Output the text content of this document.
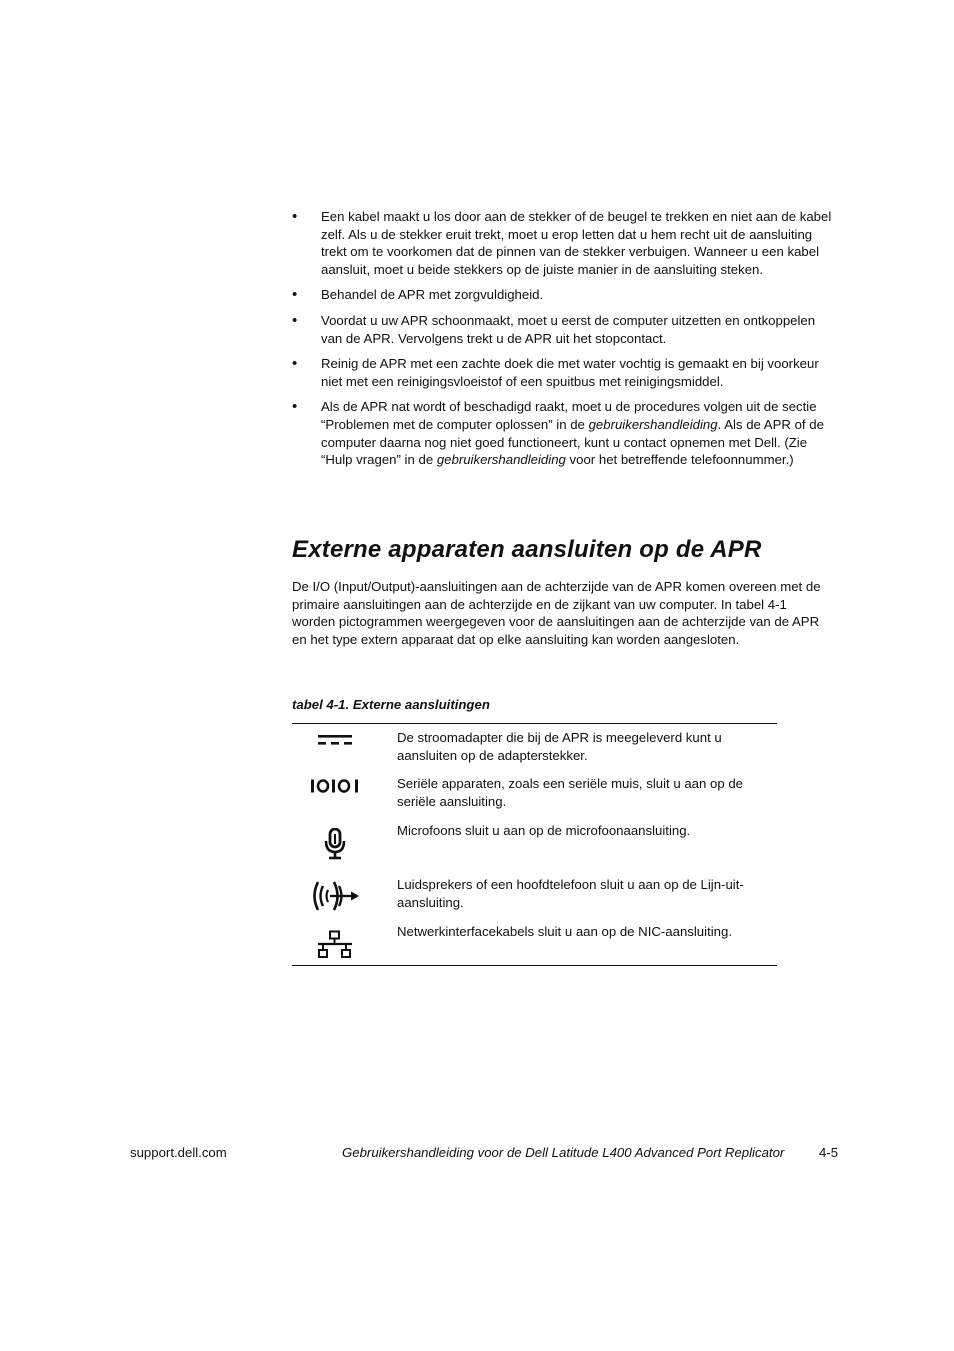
• Een kabel maakt u los door aan de stekker of de beugel te trekken en niet aan de kabel zelf. Als u de stekker eruit trekt, moet u erop letten dat u hem recht uit de aansluiting trekt om te voorkomen dat de pinnen van de stekker verbuigen. Wanneer u een kabel aansluit, moet u beide stekkers op de juiste manier in de aansluiting steken.
• Behandel de APR met zorgvuldigheid.
• Voordat u uw APR schoonmaakt, moet u eerst de computer uitzetten en ontkoppelen van de APR. Vervolgens trekt u de APR uit het stopcontact.
• Reinig de APR met een zachte doek die met water vochtig is gemaakt en bij voorkeur niet met een reinigingsvloeistof of een spuitbus met reinigingsmiddel.
• Als de APR nat wordt of beschadigd raakt, moet u de procedures volgen uit de sectie “Problemen met de computer oplossen” in de gebruikershandleiding. Als de APR of de computer daarna nog niet goed functioneert, kunt u contact opnemen met Dell. (Zie “Hulp vragen” in de gebruikershandleiding voor het betreffende telefoonnummer.)
Externe apparaten aansluiten op de APR

De I/O (Input/Output)-aansluitingen aan de achterzijde van de APR komen overeen met de primaire aansluitingen aan de achterzijde en de zijkant van uw computer. In tabel 4-1 worden pictogrammen weergegeven voor de aansluitingen aan de achterzijde van de APR en het type extern apparaat dat op elke aansluiting kan worden aangesloten.

tabel 4-1. Externe aansluitingen

De stroomadapter die bij de APR is meegeleverd kunt u aansluiten op de adapterstekker.
Seriële apparaten, zoals een seriële muis, sluit u aan op de seriële aansluiting.
Microfoons sluit u aan op de microfoonaansluiting.
Luidsprekers of een hoofdtelefoon sluit u aan op de Lijn-uit-aansluiting.
Netwerkinterfacekabels sluit u aan op de NIC-aansluiting.
support.dell.com	Gebruikershandleiding voor de Dell Latitude L400 Advanced Port Replicator	4-5
